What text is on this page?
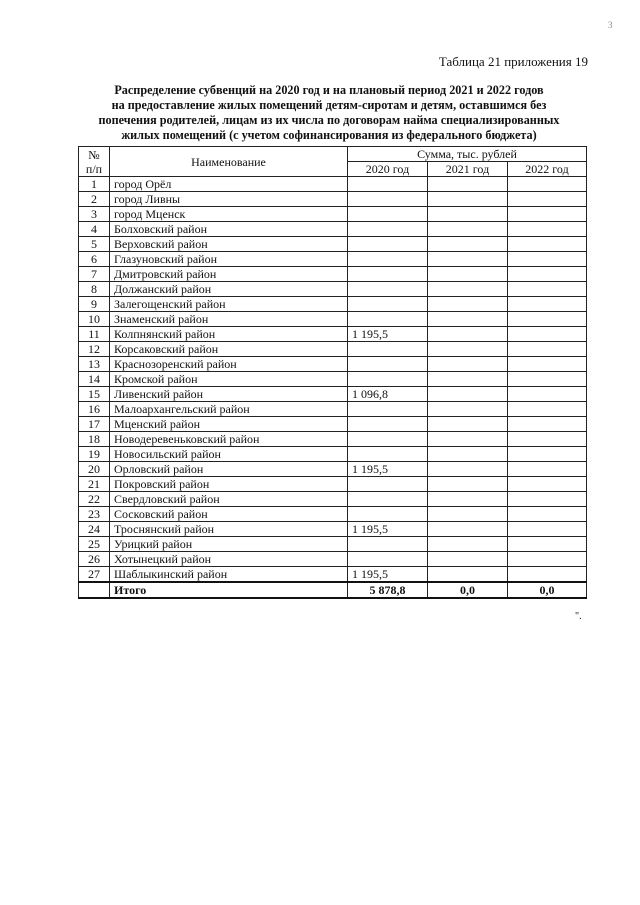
3
Таблица 21 приложения 19
Распределение субвенций на 2020 год и на плановый период 2021 и 2022 годов
на предоставление жилых помещений детям-сиротам и детям, оставшимся без
попечения родителей, лицам из их числа по договорам найма специализированных
жилых помещений (с учетом софинансирования из федерального бюджета)
№ п/п	Наименование	Сумма, тыс. рублей		
		2020 год	2021 год	2022 год
1	город Орёл			
2	город Ливны			
3	город Мценск			
4	Болховский район			
5	Верховский район			
6	Глазуновский район			
7	Дмитровский район			
8	Должанский район			
9	Залегощенский район			
10	Знаменский район			
11	Колпнянский район	1 195,5		
12	Корсаковский район			
13	Краснозоренский район			
14	Кромской район			
15	Ливенский район	1 096,8		
16	Малоархангельский район			
17	Мценский район			
18	Новодеревеньковский район			
19	Новосильский район			
20	Орловский район	1 195,5		
21	Покровский район			
22	Свердловский район			
23	Сосковский район			
24	Троснянский район	1 195,5		
25	Урицкий район			
26	Хотынецкий район			
27	Шаблыкинский район	1 195,5		
	Итого	5 878,8	0,0	0,0
".
